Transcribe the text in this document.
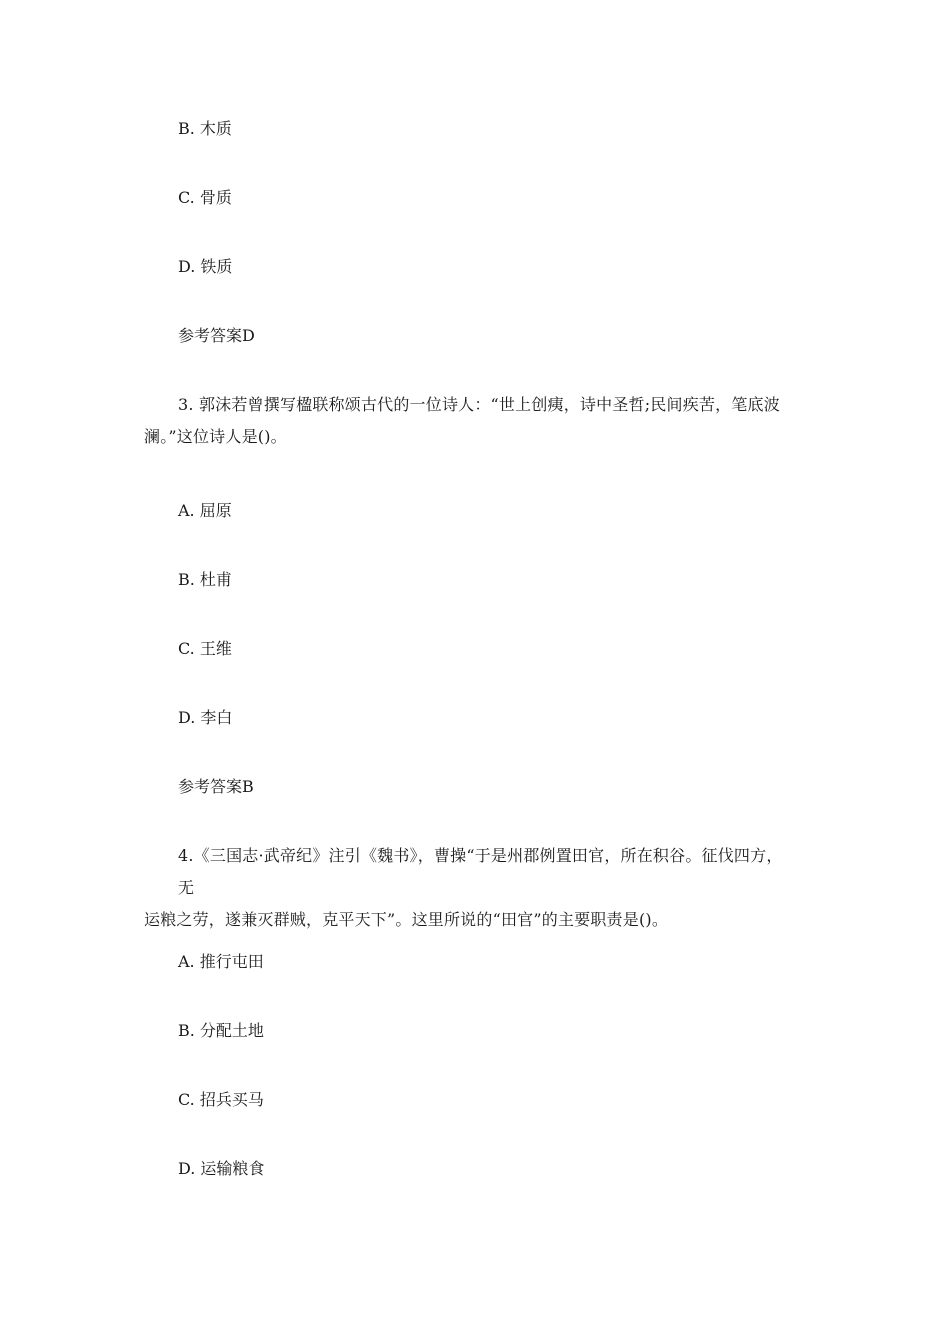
B. 木质
C. 骨质
D. 铁质
参考答案D
3. 郭沫若曾撰写楹联称颂古代的一位诗人：“世上创痍，诗中圣哲;民间疾苦，笔底波
澜。”这位诗人是()。
A. 屈原
B. 杜甫
C. 王维
D. 李白
参考答案B
4.《三国志·武帝纪》注引《魏书》，曹操“于是州郡例置田官，所在积谷。征伐四方，无
运粮之劳，遂兼灭群贼，克平天下”。这里所说的“田官”的主要职责是()。
A. 推行屯田
B. 分配土地
C. 招兵买马
D. 运输粮食
